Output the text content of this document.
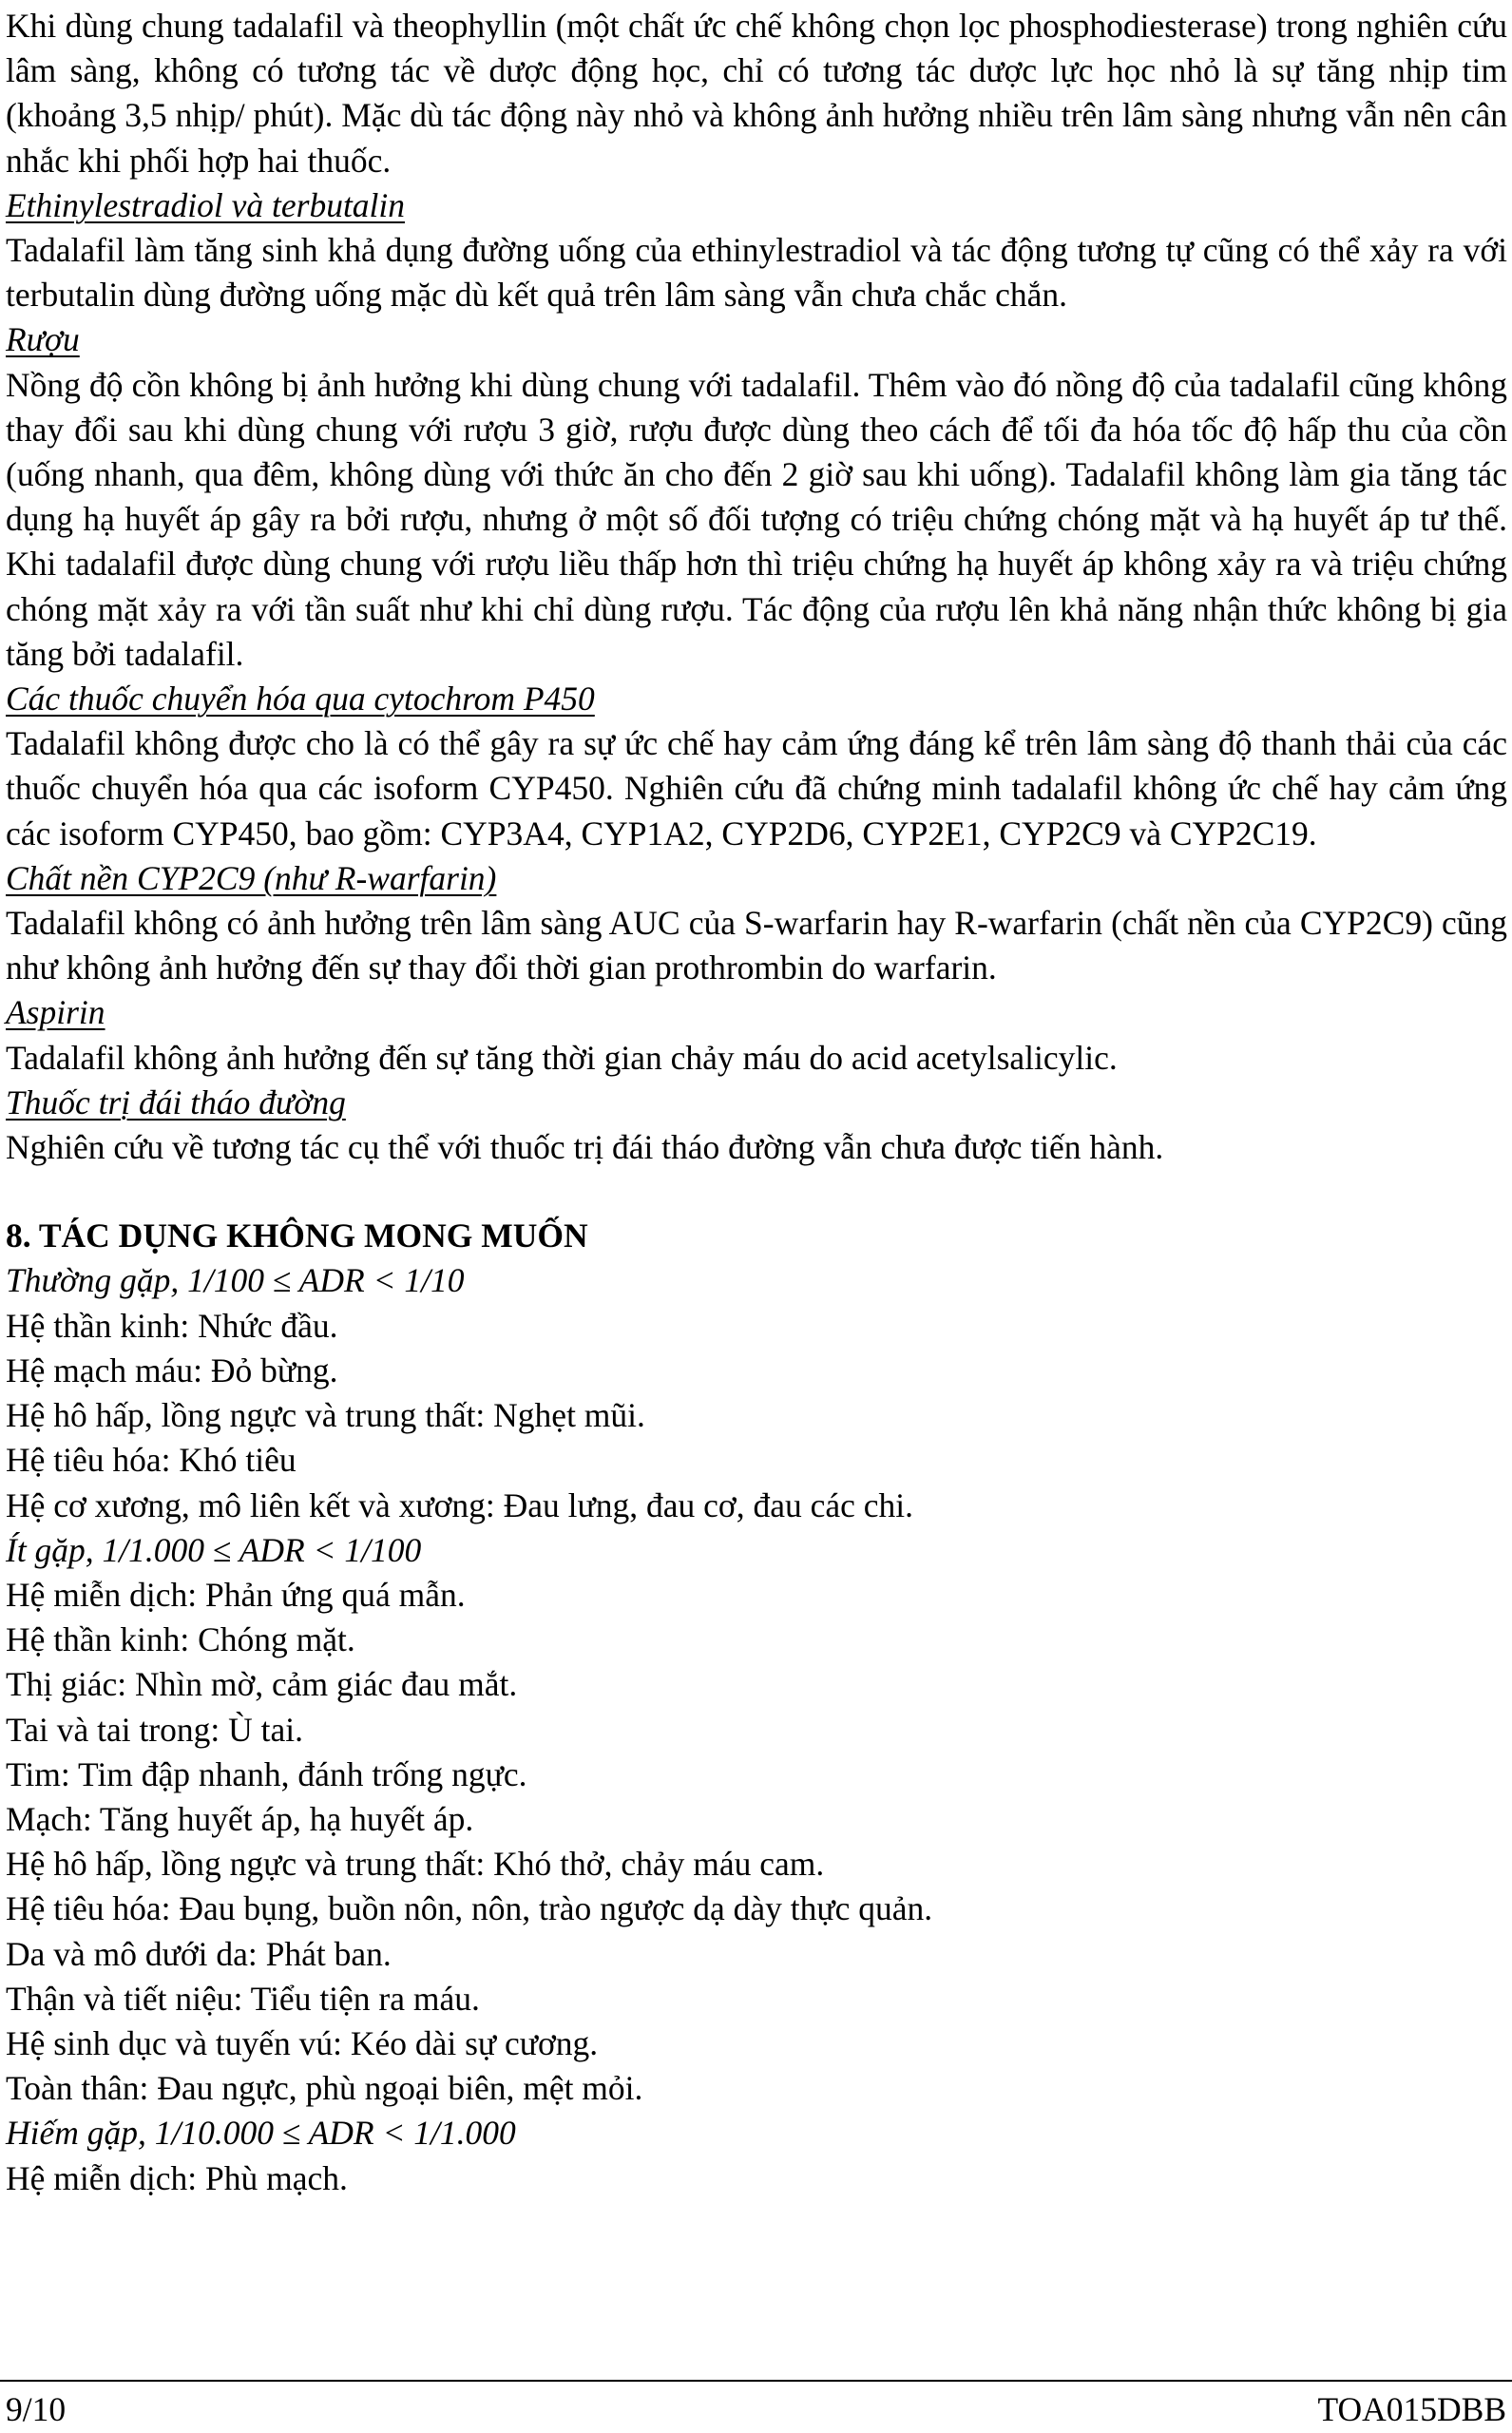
Khi dùng chung tadalafil và theophyllin (một chất ức chế không chọn lọc phosphodiesterase) trong nghiên cứu lâm sàng, không có tương tác về dược động học, chỉ có tương tác dược lực học nhỏ là sự tăng nhịp tim (khoảng 3,5 nhịp/ phút). Mặc dù tác động này nhỏ và không ảnh hưởng nhiều trên lâm sàng nhưng vẫn nên cân nhắc khi phối hợp hai thuốc.

Ethinylestradiol và terbutalin

Tadalafil làm tăng sinh khả dụng đường uống của ethinylestradiol và tác động tương tự cũng có thể xảy ra với terbutalin dùng đường uống mặc dù kết quả trên lâm sàng vẫn chưa chắc chắn.

Rượu

Nồng độ cồn không bị ảnh hưởng khi dùng chung với tadalafil. Thêm vào đó nồng độ của tadalafil cũng không thay đổi sau khi dùng chung với rượu 3 giờ, rượu được dùng theo cách để tối đa hóa tốc độ hấp thu của cồn (uống nhanh, qua đêm, không dùng với thức ăn cho đến 2 giờ sau khi uống). Tadalafil không làm gia tăng tác dụng hạ huyết áp gây ra bởi rượu, nhưng ở một số đối tượng có triệu chứng chóng mặt và hạ huyết áp tư thế. Khi tadalafil được dùng chung với rượu liều thấp hơn thì triệu chứng hạ huyết áp không xảy ra và triệu chứng chóng mặt xảy ra với tần suất như khi chỉ dùng rượu. Tác động của rượu lên khả năng nhận thức không bị gia tăng bởi tadalafil.

Các thuốc chuyển hóa qua cytochrom P450

Tadalafil không được cho là có thể gây ra sự ức chế hay cảm ứng đáng kể trên lâm sàng độ thanh thải của các thuốc chuyển hóa qua các isoform CYP450. Nghiên cứu đã chứng minh tadalafil không ức chế hay cảm ứng các isoform CYP450, bao gồm: CYP3A4, CYP1A2, CYP2D6, CYP2E1, CYP2C9 và CYP2C19.

Chất nền CYP2C9 (như R-warfarin)

Tadalafil không có ảnh hưởng trên lâm sàng AUC của S-warfarin hay R-warfarin (chất nền của CYP2C9) cũng như không ảnh hưởng đến sự thay đổi thời gian prothrombin do warfarin.

Aspirin

Tadalafil không ảnh hưởng đến sự tăng thời gian chảy máu do acid acetylsalicylic.

Thuốc trị đái tháo đường

Nghiên cứu về tương tác cụ thể với thuốc trị đái tháo đường vẫn chưa được tiến hành.

8. TÁC DỤNG KHÔNG MONG MUỐN

Thường gặp, 1/100 ≤ ADR < 1/10

Hệ thần kinh: Nhức đầu.

Hệ mạch máu: Đỏ bừng.

Hệ hô hấp, lồng ngực và trung thất: Nghẹt mũi.

Hệ tiêu hóa: Khó tiêu

Hệ cơ xương, mô liên kết và xương: Đau lưng, đau cơ, đau các chi.

Ít gặp, 1/1.000 ≤ ADR < 1/100

Hệ miễn dịch: Phản ứng quá mẫn.

Hệ thần kinh: Chóng mặt.

Thị giác: Nhìn mờ, cảm giác đau mắt.

Tai và tai trong: Ù tai.

Tim: Tim đập nhanh, đánh trống ngực.

Mạch: Tăng huyết áp, hạ huyết áp.

Hệ hô hấp, lồng ngực và trung thất: Khó thở, chảy máu cam.

Hệ tiêu hóa: Đau bụng, buồn nôn, nôn, trào ngược dạ dày thực quản.

Da và mô dưới da: Phát ban.

Thận và tiết niệu: Tiểu tiện ra máu.

Hệ sinh dục và tuyến vú: Kéo dài sự cương.

Toàn thân: Đau ngực, phù ngoại biên, mệt mỏi.

Hiếm gặp, 1/10.000 ≤ ADR < 1/1.000

Hệ miễn dịch: Phù mạch.

9/10	TOA015DBB
